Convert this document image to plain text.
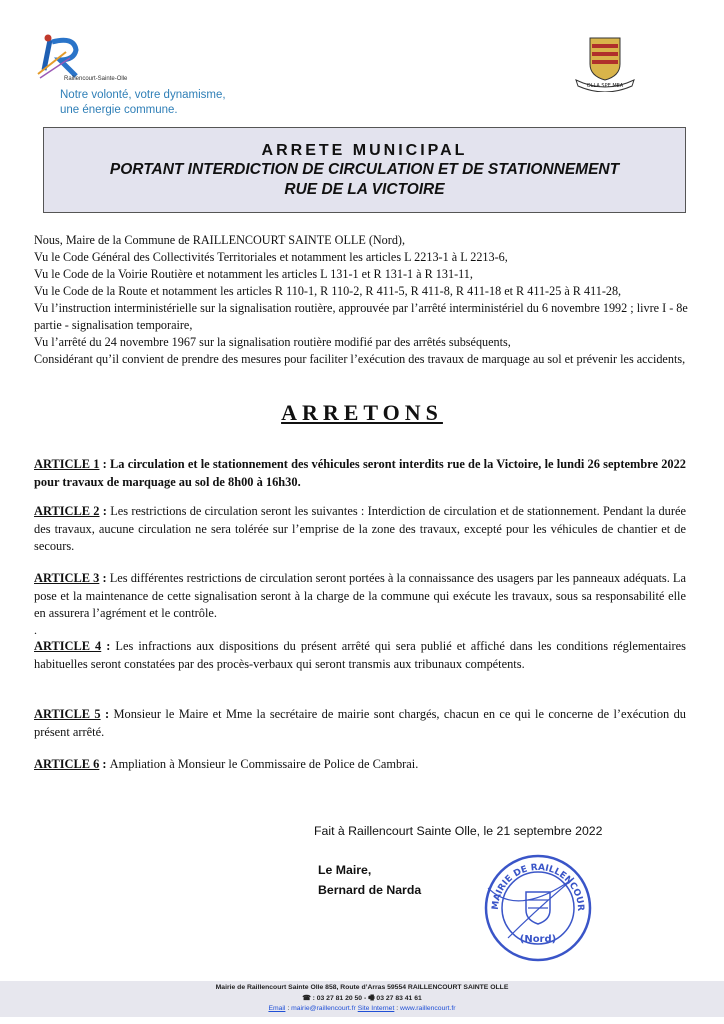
Raillencourt-Sainte-Olle
Notre volonté, votre dynamisme,
une énergie commune.
OLLA SPE MEA
ARRETE MUNICIPAL
PORTANT INTERDICTION DE CIRCULATION ET DE STATIONNEMENT
RUE DE LA VICTOIRE
Nous, Maire de la Commune de RAILLENCOURT SAINTE OLLE (Nord),
Vu le Code Général des Collectivités Territoriales et notamment les articles L 2213-1 à L 2213-6,
Vu le Code de la Voirie Routière et notamment les articles L 131-1 et R 131-1 à R 131-11,
Vu le Code de la Route et notamment les articles R 110-1, R 110-2, R 411-5, R 411-8, R 411-18 et R 411-25 à R 411-28,
Vu l’instruction interministérielle sur la signalisation routière, approuvée par l’arrêté interministériel du 6 novembre 1992 ; livre I - 8e partie - signalisation temporaire,
Vu l’arrêté du 24 novembre 1967 sur la signalisation routière modifié par des arrêtés subséquents,
Considérant qu’il convient de prendre des mesures pour faciliter l’exécution des travaux de marquage au sol et prévenir les accidents,
ARRETONS
ARTICLE 1 : La circulation et le stationnement des véhicules seront interdits rue de la Victoire, le lundi 26 septembre 2022 pour travaux de marquage au sol de 8h00 à 16h30.
ARTICLE 2 : Les restrictions de circulation seront les suivantes : Interdiction de circulation et de stationnement. Pendant la durée des travaux, aucune circulation ne sera tolérée sur l’emprise de la zone des travaux, excepté pour les véhicules de chantier et de secours.
ARTICLE 3 : Les différentes restrictions de circulation seront portées à la connaissance des usagers par les panneaux adéquats. La pose et la maintenance de cette signalisation seront à la charge de la commune qui exécute les travaux, sous sa responsabilité elle en assurera l’agrément et le contrôle.
.
ARTICLE 4 : Les infractions aux dispositions du présent arrêté qui sera publié et affiché dans les conditions réglementaires habituelles seront constatées par des procès-verbaux qui seront transmis aux tribunaux compétents.
ARTICLE 5 : Monsieur le Maire et Mme la secrétaire de mairie sont chargés, chacun en ce qui le concerne de l’exécution du présent arrêté.
ARTICLE 6 : Ampliation à Monsieur le Commissaire de Police de Cambrai.
Fait à Raillencourt Sainte Olle, le 21 septembre 2022
Le Maire,
Bernard de Narda
MAIRIE DE RAILLENCOUR
(Nord)
Mairie de Raillencourt Sainte Olle 858, Route d’Arras 59554 RAILLENCOURT SAINTE OLLE
☎ : 03 27 81 20 50 - 🖷 03 27 83 41 61
Email : mairie@raillencourt.fr Site Internet : www.raillencourt.fr
